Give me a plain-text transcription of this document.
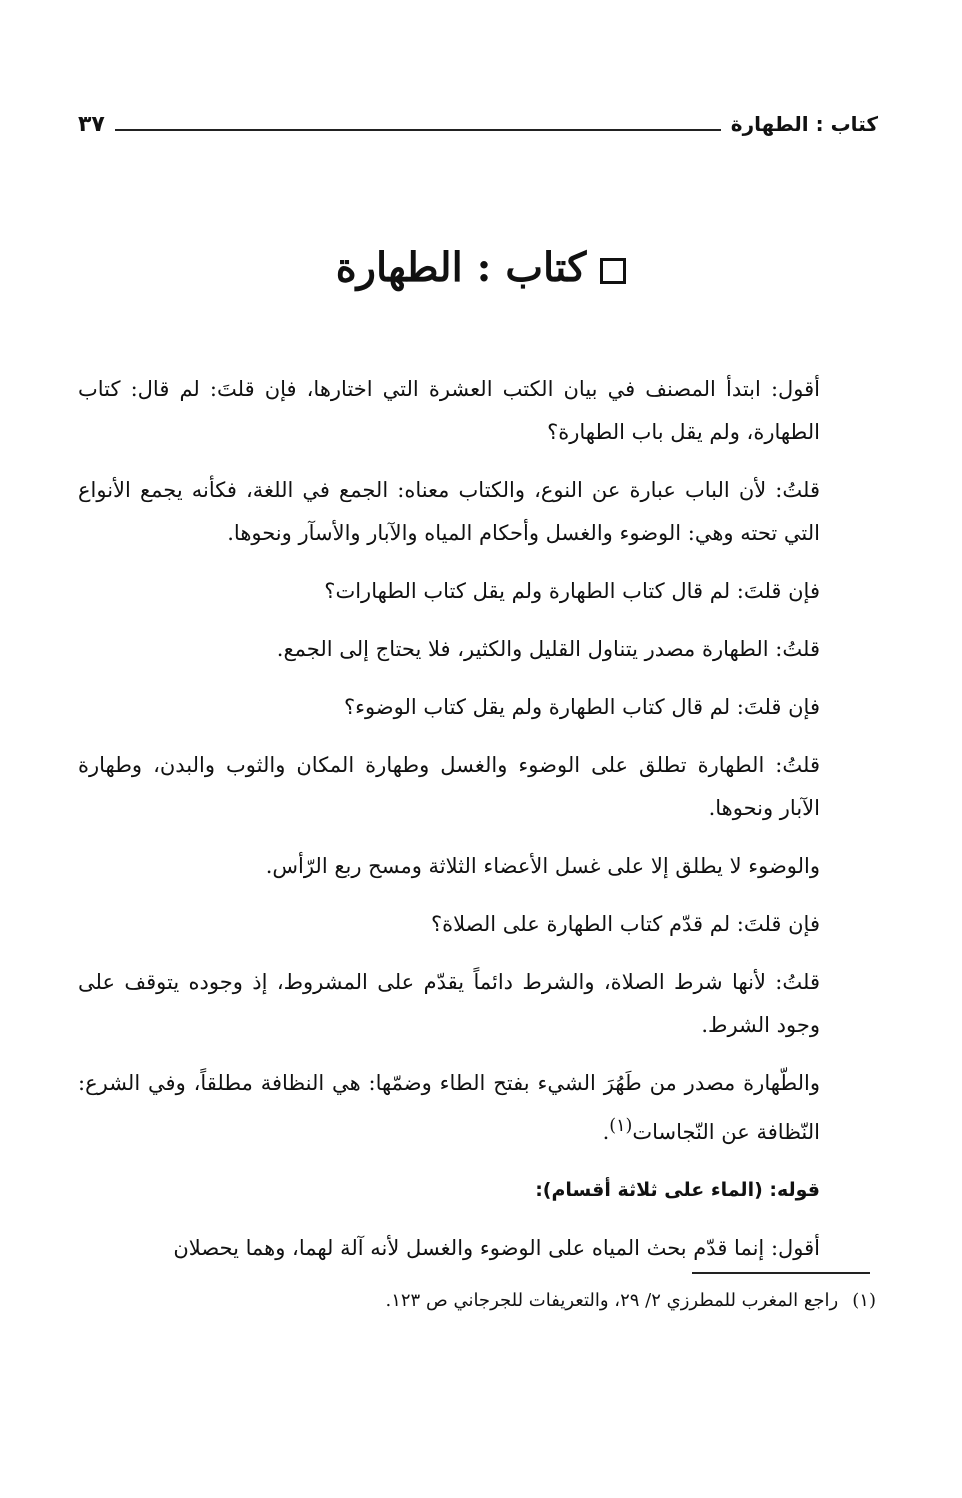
كتاب : الطهارة
٣٧
كتاب : الطهارة

أقول: ابتدأ المصنف في بيان الكتب العشرة التي اختارها، فإن قلتَ: لم قال: كتاب الطهارة، ولم يقل باب الطهارة؟

قلتُ: لأن الباب عبارة عن النوع، والكتاب معناه: الجمع في اللغة، فكأنه يجمع الأنواع التي تحته وهي: الوضوء والغسل وأحكام المياه والآبار والأسآر ونحوها.

فإن قلتَ: لم قال كتاب الطهارة ولم يقل كتاب الطهارات؟

قلتُ: الطهارة مصدر يتناول القليل والكثير، فلا يحتاج إلى الجمع.

فإن قلتَ: لم قال كتاب الطهارة ولم يقل كتاب الوضوء؟

قلتُ: الطهارة تطلق على الوضوء والغسل وطهارة المكان والثوب والبدن، وطهارة الآبار ونحوها.

والوضوء لا يطلق إلا على غسل الأعضاء الثلاثة ومسح ربع الرّأس.

فإن قلتَ: لم قدّم كتاب الطهارة على الصلاة؟

قلتُ: لأنها شرط الصلاة، والشرط دائماً يقدّم على المشروط، إذ وجوده يتوقف على وجود الشرط.

والطّهارة مصدر من طَهُرَ الشيء بفتح الطاء وضمّها: هي النظافة مطلقاً، وفي الشرع: النّظافة عن النّجاسات$^{(١)}$.

قوله: (الماء على ثلاثة أقسام):

أقول: إنما قدّم بحث المياه على الوضوء والغسل لأنه آلة لهما، وهما يحصلان

(١)راجع المغرب للمطرزي ٢/ ٢٩، والتعريفات للجرجاني ص ١٢٣.
